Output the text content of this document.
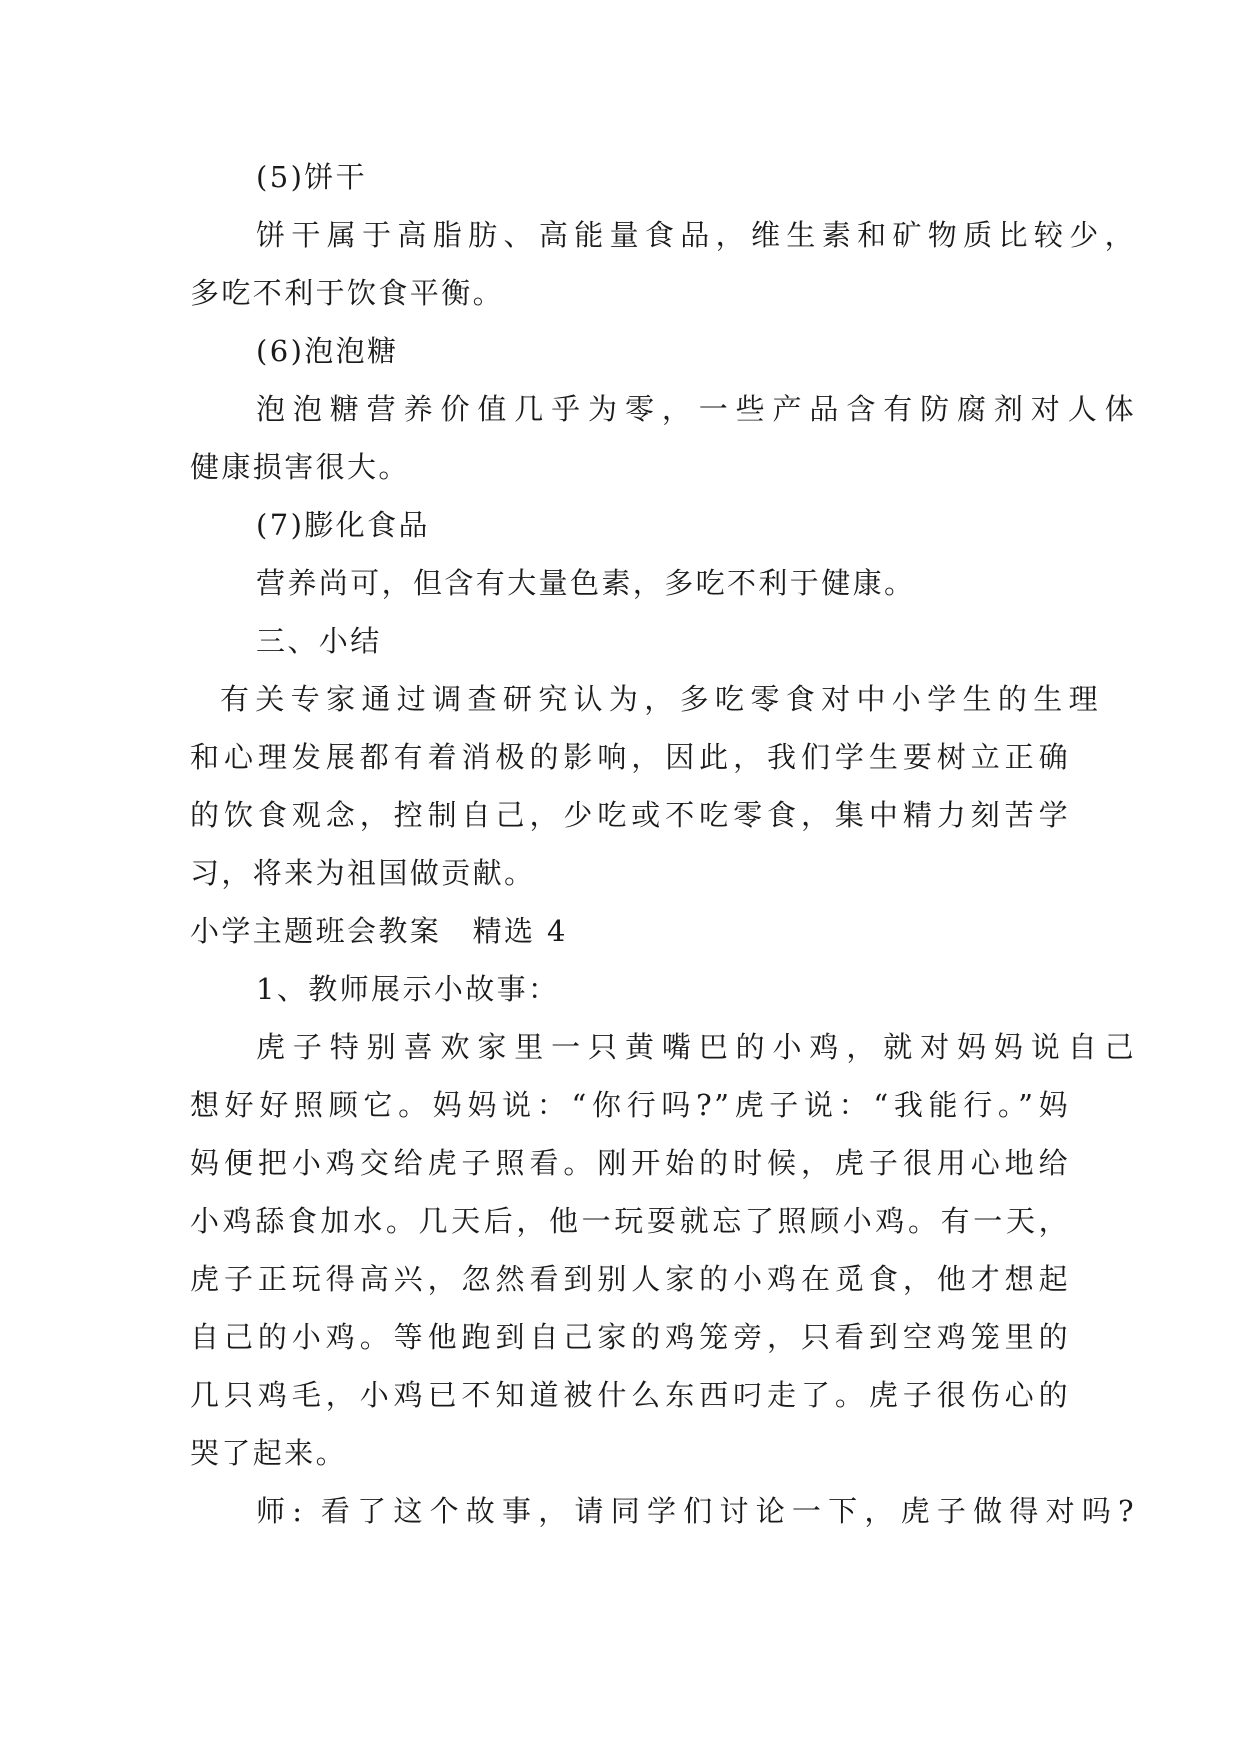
(5)饼干
饼干属于高脂肪、高能量食品，维生素和矿物质比较少，
多吃不利于饮食平衡。
(6)泡泡糖
泡泡糖营养价值几乎为零，一些产品含有防腐剂对人体
健康损害很大。
(7)膨化食品
营养尚可，但含有大量色素，多吃不利于健康。
三、小结
有关专家通过调查研究认为，多吃零食对中小学生的生理
和心理发展都有着消极的影响，因此，我们学生要树立正确
的饮食观念，控制自己，少吃或不吃零食，集中精力刻苦学
习，将来为祖国做贡献。
小学主题班会教案　精选 4
1、教师展示小故事：
虎子特别喜欢家里一只黄嘴巴的小鸡，就对妈妈说自己
想好好照顾它。妈妈说：“你行吗?”虎子说：“我能行。”妈
妈便把小鸡交给虎子照看。刚开始的时候，虎子很用心地给
小鸡舔食加水。几天后，他一玩耍就忘了照顾小鸡。有一天，
虎子正玩得高兴，忽然看到别人家的小鸡在觅食，他才想起
自己的小鸡。等他跑到自己家的鸡笼旁，只看到空鸡笼里的
几只鸡毛，小鸡已不知道被什么东西叼走了。虎子很伤心的
哭了起来。
师: 看了这个故事，请同学们讨论一下，虎子做得对吗?
